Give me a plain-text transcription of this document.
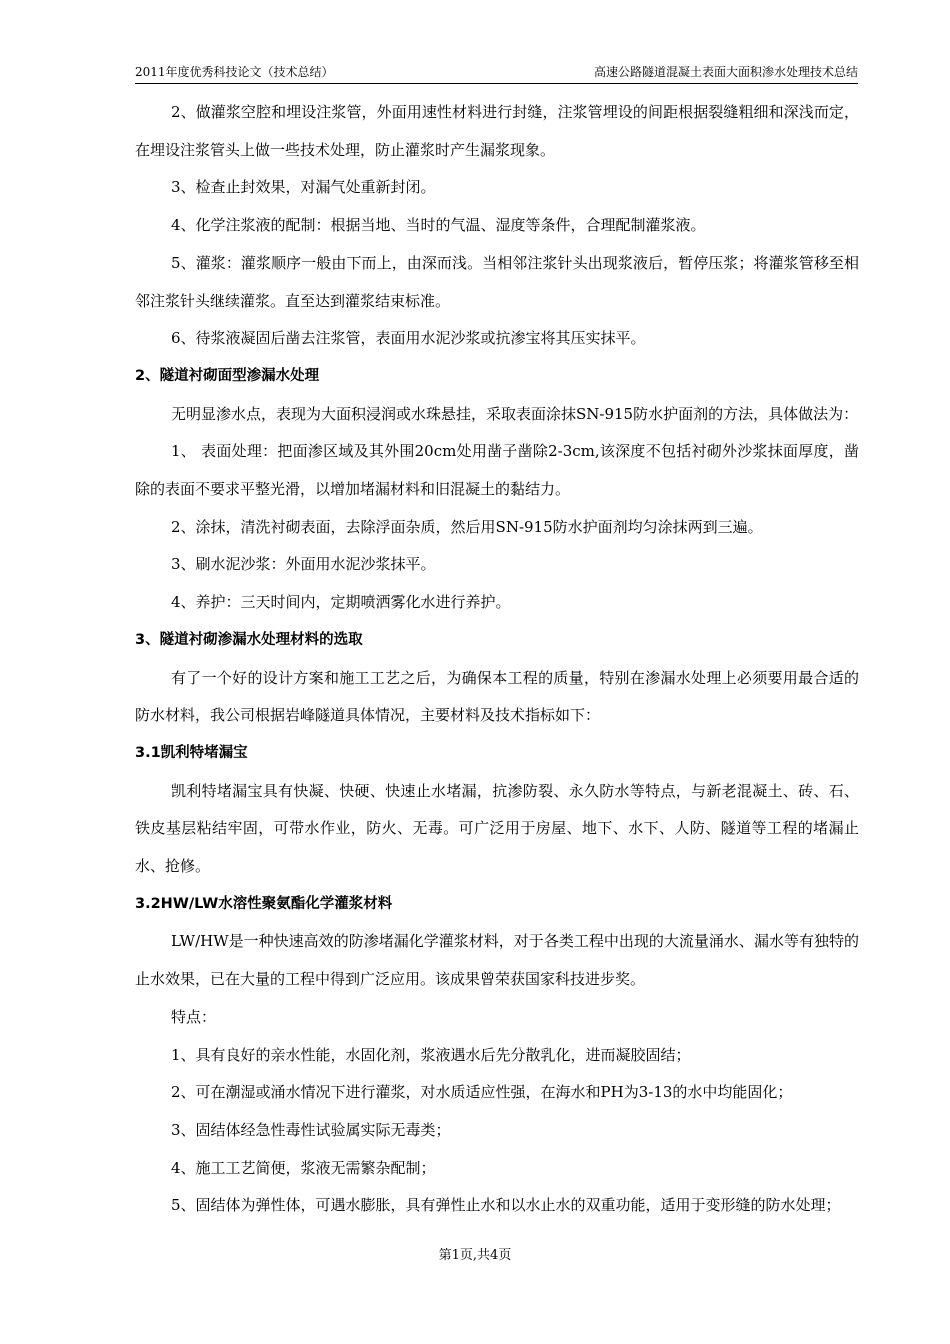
2011年度优秀科技论文（技术总结）	高速公路隧道混凝土表面大面积渗水处理技术总结

2、做灌浆空腔和埋设注浆管，外面用速性材料进行封缝，注浆管埋设的间距根据裂缝粗细和深浅而定，在埋设注浆管头上做一些技术处理，防止灌浆时产生漏浆现象。

3、检查止封效果，对漏气处重新封闭。

4、化学注浆液的配制：根据当地、当时的气温、湿度等条件，合理配制灌浆液。

5、灌浆：灌浆顺序一般由下而上，由深而浅。当相邻注浆针头出现浆液后，暂停压浆；将灌浆管移至相邻注浆针头继续灌浆。直至达到灌浆结束标准。

6、待浆液凝固后凿去注浆管，表面用水泥沙浆或抗渗宝将其压实抹平。

2、隧道衬砌面型渗漏水处理

无明显渗水点，表现为大面积浸润或水珠悬挂，采取表面涂抹SN-915防水护面剂的方法，具体做法为：

1、 表面处理：把面渗区域及其外围20cm处用凿子凿除2-3cm,该深度不包括衬砌外沙浆抹面厚度，凿除的表面不要求平整光滑，以增加堵漏材料和旧混凝土的黏结力。

2、涂抹，清洗衬砌表面，去除浮面杂质，然后用SN-915防水护面剂均匀涂抹两到三遍。

3、刷水泥沙浆：外面用水泥沙浆抹平。

4、养护：三天时间内，定期喷洒雾化水进行养护。

3、隧道衬砌渗漏水处理材料的选取

有了一个好的设计方案和施工工艺之后，为确保本工程的质量，特别在渗漏水处理上必须要用最合适的防水材料，我公司根据岩峰隧道具体情况，主要材料及技术指标如下：

3.1凯利特堵漏宝

凯利特堵漏宝具有快凝、快硬、快速止水堵漏，抗渗防裂、永久防水等特点，与新老混凝土、砖、石、铁皮基层粘结牢固，可带水作业，防火、无毒。可广泛用于房屋、地下、水下、人防、隧道等工程的堵漏止水、抢修。

3.2HW/LW水溶性聚氨酯化学灌浆材料

LW/HW是一种快速高效的防渗堵漏化学灌浆材料，对于各类工程中出现的大流量涌水、漏水等有独特的止水效果，已在大量的工程中得到广泛应用。该成果曾荣获国家科技进步奖。

特点：

1、具有良好的亲水性能，水固化剂，浆液遇水后先分散乳化，进而凝胶固结；

2、可在潮湿或涌水情况下进行灌浆，对水质适应性强，在海水和PH为3-13的水中均能固化；

3、固结体经急性毒性试验属实际无毒类；

4、施工工艺简便，浆液无需繁杂配制；

5、固结体为弹性体，可遇水膨胀，具有弹性止水和以水止水的双重功能，适用于变形缝的防水处理；

第1页,共4页
